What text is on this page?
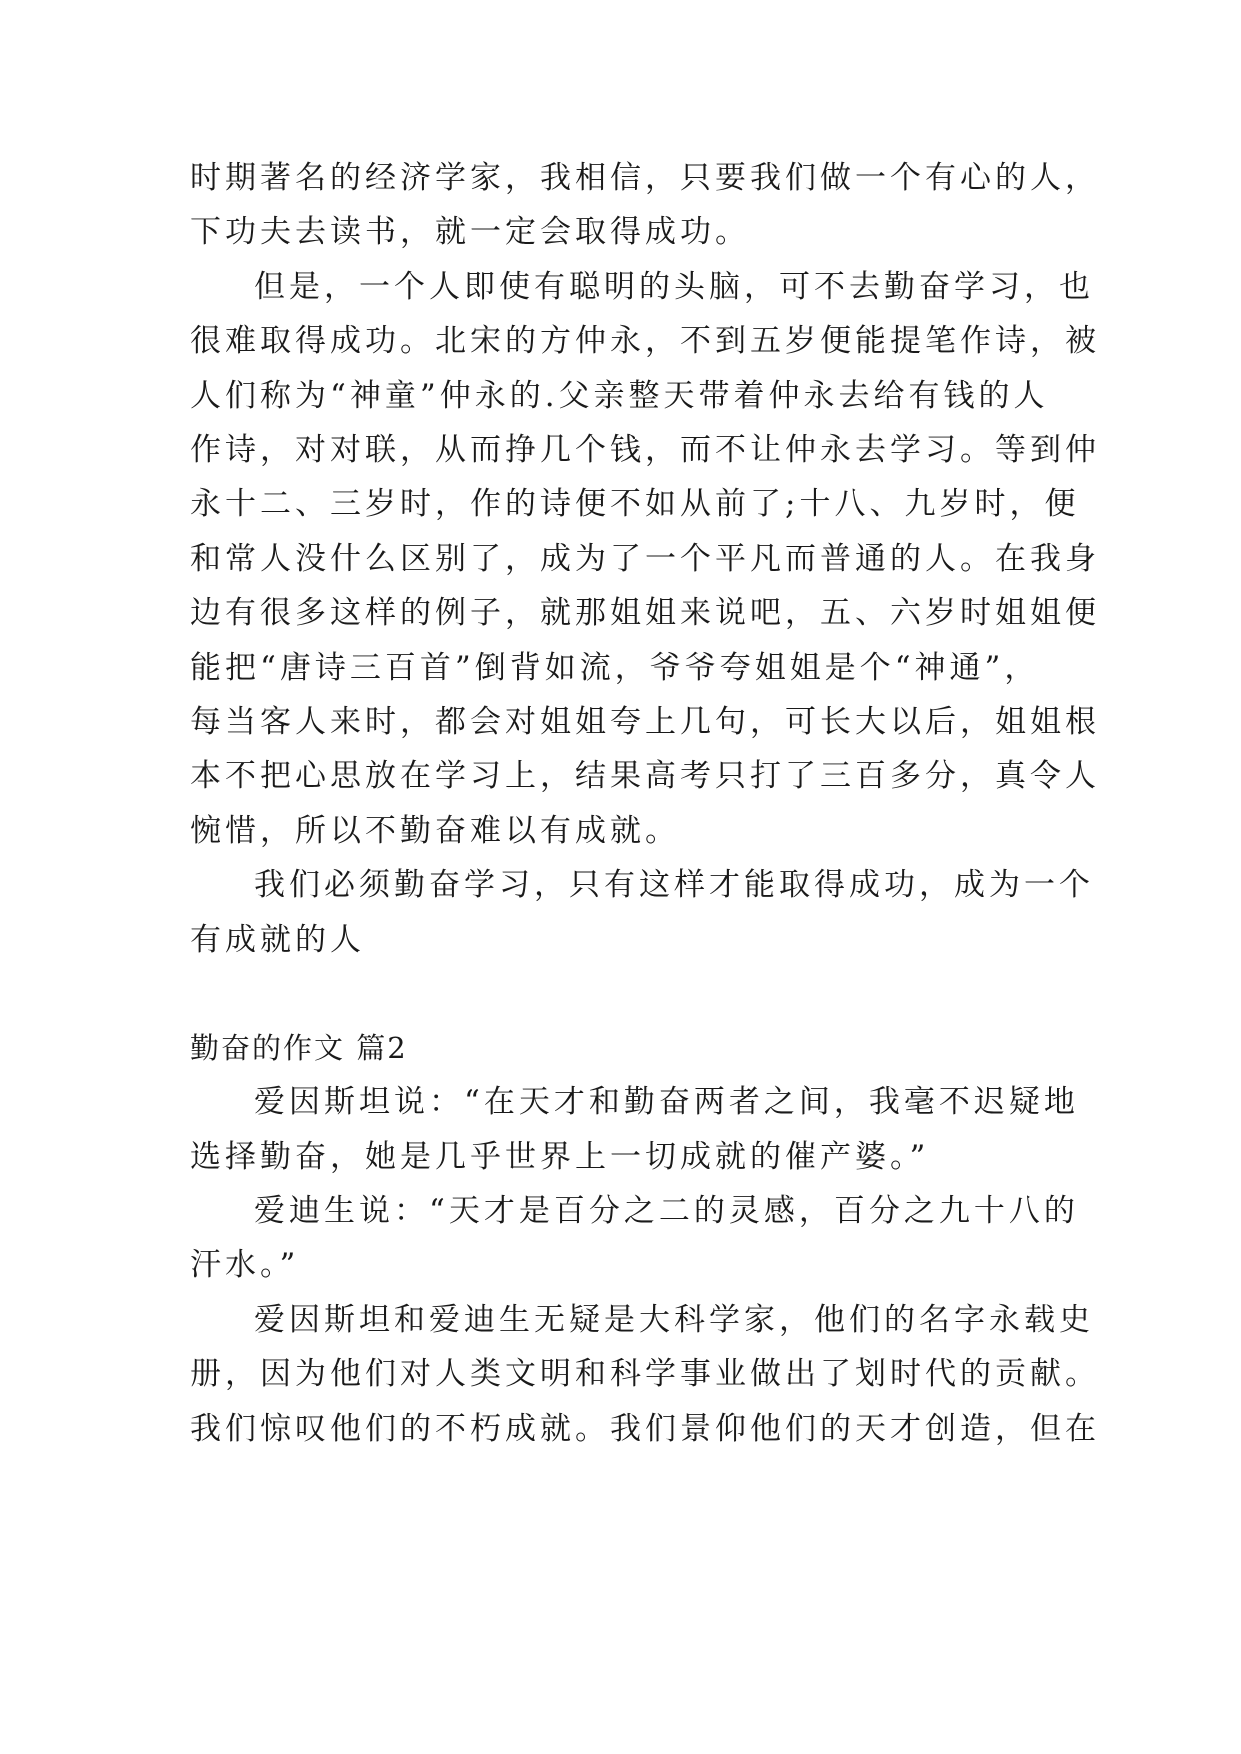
时期著名的经济学家，我相信，只要我们做一个有心的人，
下功夫去读书，就一定会取得成功。
但是，一个人即使有聪明的头脑，可不去勤奋学习，也
很难取得成功。北宋的方仲永，不到五岁便能提笔作诗，被
人们称为“神童”仲永的.父亲整天带着仲永去给有钱的人
作诗，对对联，从而挣几个钱，而不让仲永去学习。等到仲
永十二、三岁时，作的诗便不如从前了;十八、九岁时，便
和常人没什么区别了，成为了一个平凡而普通的人。在我身
边有很多这样的例子，就那姐姐来说吧，五、六岁时姐姐便
能把“唐诗三百首”倒背如流，爷爷夸姐姐是个“神通”，
每当客人来时，都会对姐姐夸上几句，可长大以后，姐姐根
本不把心思放在学习上，结果高考只打了三百多分，真令人
惋惜，所以不勤奋难以有成就。
我们必须勤奋学习，只有这样才能取得成功，成为一个
有成就的人
勤奋的作文 篇2
爱因斯坦说：“在天才和勤奋两者之间，我毫不迟疑地
选择勤奋，她是几乎世界上一切成就的催产婆。”
爱迪生说：“天才是百分之二的灵感，百分之九十八的
汗水。”
爱因斯坦和爱迪生无疑是大科学家，他们的名字永载史
册，因为他们对人类文明和科学事业做出了划时代的贡献。
我们惊叹他们的不朽成就。我们景仰他们的天才创造，但在
